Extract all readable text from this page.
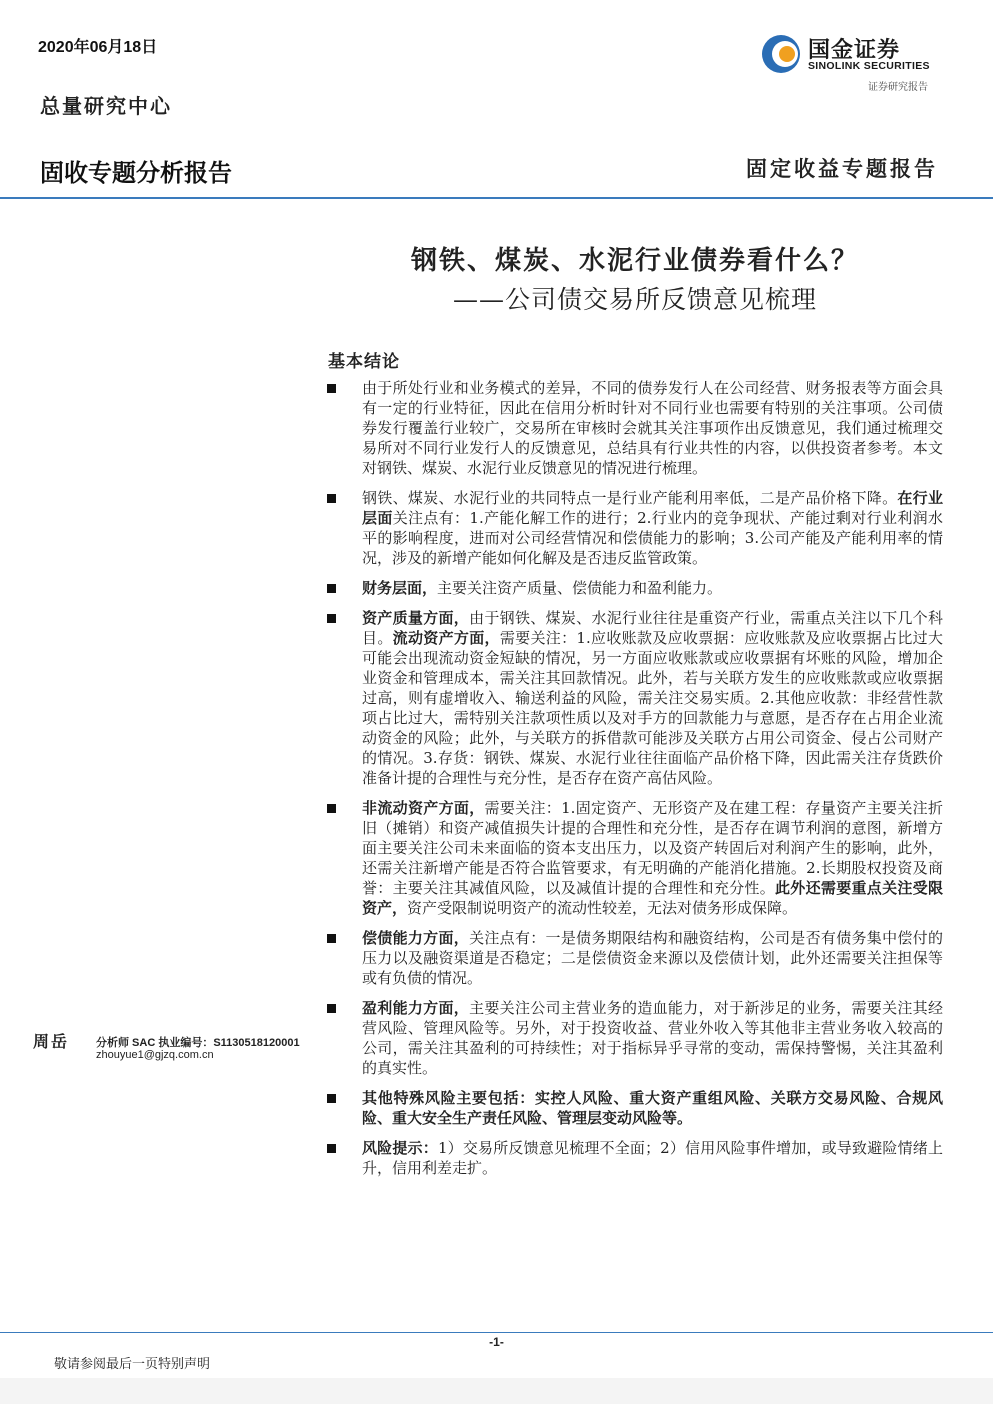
2020年06月18日
总量研究中心
固收专题分析报告	固定收益专题报告
国金证券
SINOLINK SECURITIES
证券研究报告
钢铁、煤炭、水泥行业债券看什么？
——公司债交易所反馈意见梳理
基本结论
由于所处行业和业务模式的差异，不同的债券发行人在公司经营、财务报表等方面会具有一定的行业特征，因此在信用分析时针对不同行业也需要有特别的关注事项。公司债券发行覆盖行业较广，交易所在审核时会就其关注事项作出反馈意见，我们通过梳理交易所对不同行业发行人的反馈意见，总结具有行业共性的内容，以供投资者参考。本文对钢铁、煤炭、水泥行业反馈意见的情况进行梳理。
钢铁、煤炭、水泥行业的共同特点一是行业产能利用率低，二是产品价格下降。在行业层面关注点有：1.产能化解工作的进行；2.行业内的竞争现状、产能过剩对行业利润水平的影响程度，进而对公司经营情况和偿债能力的影响；3.公司产能及产能利用率的情况，涉及的新增产能如何化解及是否违反监管政策。
财务层面，主要关注资产质量、偿债能力和盈利能力。
资产质量方面，由于钢铁、煤炭、水泥行业往往是重资产行业，需重点关注以下几个科目。流动资产方面，需要关注：1.应收账款及应收票据：应收账款及应收票据占比过大可能会出现流动资金短缺的情况，另一方面应收账款或应收票据有坏账的风险，增加企业资金和管理成本，需关注其回款情况。此外，若与关联方发生的应收账款或应收票据过高，则有虚增收入、输送利益的风险，需关注交易实质。2.其他应收款：非经营性款项占比过大，需特别关注款项性质以及对手方的回款能力与意愿，是否存在占用企业流动资金的风险；此外，与关联方的拆借款可能涉及关联方占用公司资金、侵占公司财产的情况。3.存货：钢铁、煤炭、水泥行业往往面临产品价格下降，因此需关注存货跌价准备计提的合理性与充分性，是否存在资产高估风险。
非流动资产方面，需要关注：1.固定资产、无形资产及在建工程：存量资产主要关注折旧（摊销）和资产减值损失计提的合理性和充分性，是否存在调节利润的意图，新增方面主要关注公司未来面临的资本支出压力，以及资产转固后对利润产生的影响，此外，还需关注新增产能是否符合监管要求，有无明确的产能消化措施。2.长期股权投资及商誉：主要关注其减值风险，以及减值计提的合理性和充分性。此外还需要重点关注受限资产，资产受限制说明资产的流动性较差，无法对债务形成保障。
偿债能力方面，关注点有：一是债务期限结构和融资结构，公司是否有债务集中偿付的压力以及融资渠道是否稳定；二是偿债资金来源以及偿债计划，此外还需要关注担保等或有负债的情况。
盈利能力方面，主要关注公司主营业务的造血能力，对于新涉足的业务，需要关注其经营风险、管理风险等。另外，对于投资收益、营业外收入等其他非主营业务收入较高的公司，需关注其盈利的可持续性；对于指标异乎寻常的变动，需保持警惕，关注其盈利的真实性。
其他特殊风险主要包括：实控人风险、重大资产重组风险、关联方交易风险、合规风险、重大安全生产责任风险、管理层变动风险等。
风险提示：1）交易所反馈意见梳理不全面；2）信用风险事件增加，或导致避险情绪上升，信用利差走扩。
周岳 分析师 SAC 执业编号：S1130518120001
zhouyue1@gjzq.com.cn
-1-
敬请参阅最后一页特别声明
